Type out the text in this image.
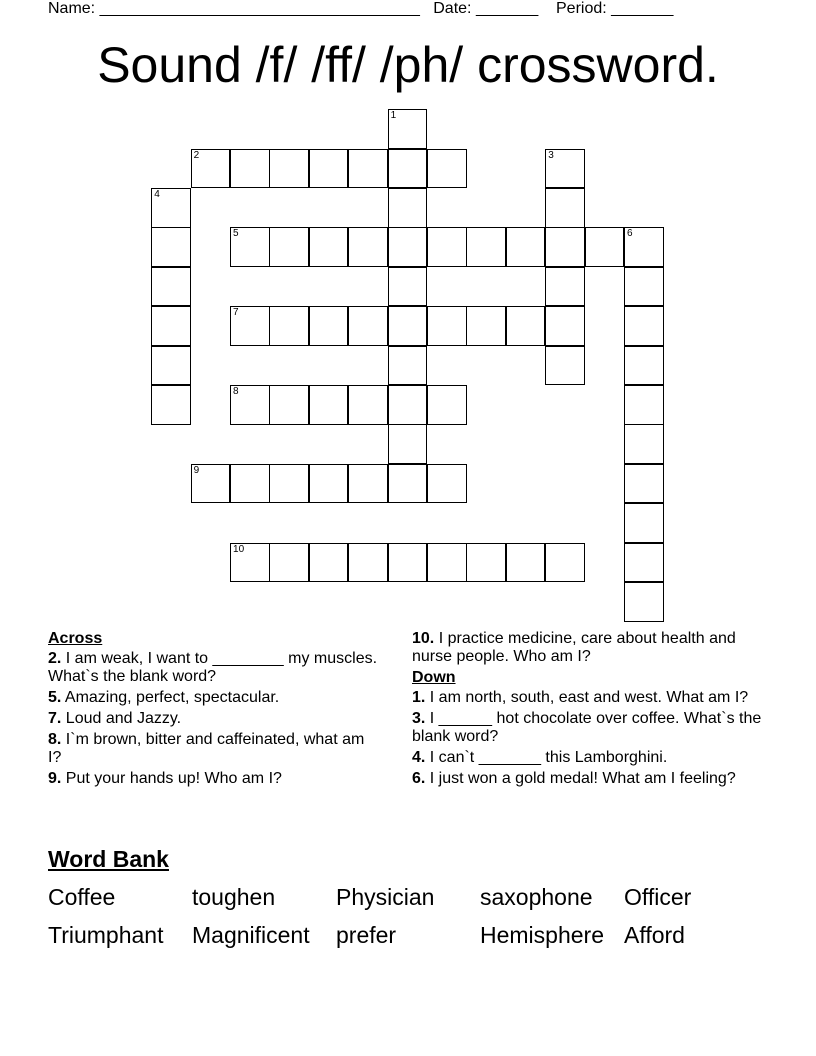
Name: ____________________________________   Date: _______    Period: _______
Sound /f/ /ff/ /ph/ crossword.
1
2	3
4
5	6
7
8
9
10
Across
2. I am weak, I want to ________ my muscles. What`s the blank word?
5. Amazing, perfect, spectacular.
7. Loud and Jazzy.
8. I`m brown, bitter and caffeinated, what am I?
9. Put your hands up! Who am I?
10. I practice medicine, care about health and nurse people. Who am I?
Down
1. I am north, south, east and west. What am I?
3. I ______ hot chocolate over coffee. What`s the blank word?
4. I can`t _______ this Lamborghini.
6. I just won a gold medal! What am I feeling?
Word Bank
Coffee	toughen	Physician saxophone Officer
Triumphant Magnificent prefer	Hemisphere Afford
